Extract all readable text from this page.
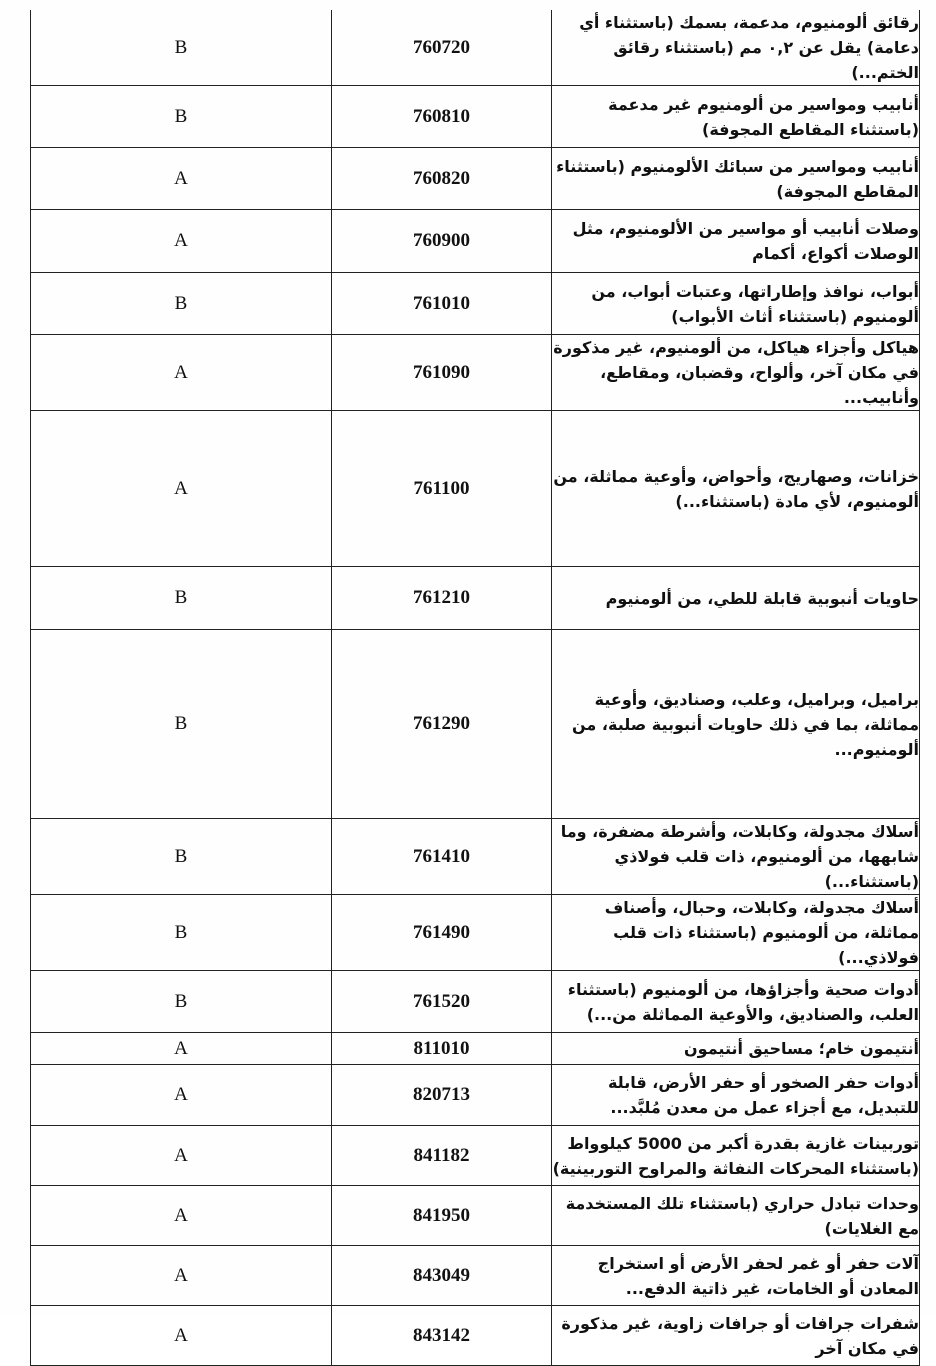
B	760720	رقائق ألومنيوم، مدعمة، بسمك (باستثناء أي دعامة) يقل عن ٠,٢ مم (باستثناء رقائق الختم...)
B	760810	أنابيب ومواسير من ألومنيوم غير مدعمة (باستثناء المقاطع المجوفة)
A	760820	أنابيب ومواسير من سبائك الألومنيوم (باستثناء المقاطع المجوفة)
A	760900	وصلات أنابيب أو مواسير من الألومنيوم، مثل الوصلات أكواع، أكمام
B	761010	أبواب، نوافذ وإطاراتها، وعتبات أبواب، من ألومنيوم (باستثناء أثاث الأبواب)
A	761090	هياكل وأجزاء هياكل، من ألومنيوم، غير مذكورة في مكان آخر، وألواح، وقضبان، ومقاطع، وأنابيب...
A	761100	خزانات، وصهاريج، وأحواض، وأوعية مماثلة، من ألومنيوم، لأي مادة (باستثناء...)
B	761210	حاويات أنبوبية قابلة للطي، من ألومنيوم
B	761290	براميل، وبراميل، وعلب، وصناديق، وأوعية مماثلة، بما في ذلك حاويات أنبوبية صلبة، من ألومنيوم...
B	761410	أسلاك مجدولة، وكابلات، وأشرطة مضفرة، وما شابهها، من ألومنيوم، ذات قلب فولاذي (باستثناء...)
B	761490	أسلاك مجدولة، وكابلات، وحبال، وأصناف مماثلة، من ألومنيوم (باستثناء ذات قلب فولاذي...)
B	761520	أدوات صحية وأجزاؤها، من ألومنيوم (باستثناء العلب، والصناديق، والأوعية المماثلة من...)
A	811010	أنتيمون خام؛ مساحيق أنتيمون
A	820713	أدوات حفر الصخور أو حفر الأرض، قابلة للتبديل، مع أجزاء عمل من معدن مُلبَّد...
A	841182	توربينات غازية بقدرة أكبر من 5000 كيلوواط (باستثناء المحركات النفاثة والمراوح التوربينية)
A	841950	وحدات تبادل حراري (باستثناء تلك المستخدمة مع الغلايات)
A	843049	آلات حفر أو غمر لحفر الأرض أو استخراج المعادن أو الخامات، غير ذاتية الدفع...
A	843142	شفرات جرافات أو جرافات زاوية، غير مذكورة في مكان آخر
